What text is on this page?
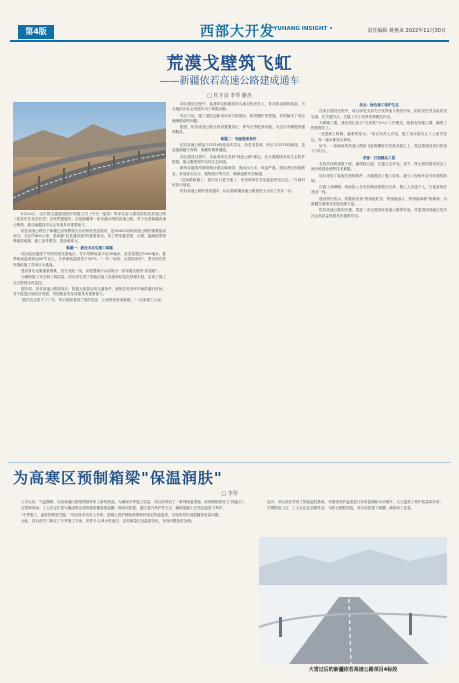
第4版	西部大开发
• YUHANG INSIGHT •	责任编辑 蒋燕来 2022年11月30日
荒漠戈壁筑飞虹
——新疆依若高速公路建成通车
□ 杜才良 李琴 谢杰

8月30日，由中国交通建设股份有限公司（中交一航局）等单位参与建设的依若高速公路（依吞布拉克至若羌）全线贯通通车。这是新疆第一条穿越沙漠的高速公路，对于完善新疆高速公路网、推动南疆经济社会发展具有重要意义。

依若高速公路位于新疆巴音郭楞蒙古自治州若羌县境内，是G0612西和高速公路的重要组成部分，全长约400公里，是新疆"县县通高速"的重要项目。该工程穿越戈壁、沙漠、盐碱地等特殊地质地貌，施工条件艰苦，建设难度大。

难题一：新技术攻克施工难题

项目地处极度干旱的荒漠戈壁地区，年平均降雨量不足30毫米，蒸发量超过3000毫米，夏季地表温度高达60℃以上，冬季最低温度零下30℃。"一年一场风，从春刮到冬"，恶劣的自然环境给施工带来巨大挑战。

建设者们克服重重困难，坚守戈壁一线，用智慧和汗水浇筑出一条穿越戈壁的"致富路"。

为确保施工安全和工程质量，项目部引进了智能化施工设备和信息化管理手段，实现了施工全过程的实时监控。

据介绍，依若高速公路建成后，将极大改善沿线交通条件，缩短若羌至库尔勒的通行时间，对于促进区域经济发展、巩固脱贫攻坚成果具有重要意义。

"我们在这里干了三年，每天都能看到工程的变化，心里特别有成就感。"一位参建工人说。

项目建设过程中，参建单位积极招用当地农牧民务工，带动群众增收致富，为当地经济社会发展作出了积极贡献。

风沙口处，施工团队创新采用草方格固沙、防风栅栏等措施，有效解决了风沙掩埋路基的问题。

据悉，依若高速公路全线设置服务区、停车区等配套设施，为过往车辆提供便利服务。

难题二：突破极寒条件

依若高速公路起于G218线依吞布拉克，经若羌县城，终点与G315线相接，是连接新疆与青海、西藏的重要通道。

项目建设过程中，各参建单位坚持"绿色公路"理念，在沙漠路段采用生态防护措施，最大限度保护沿线生态环境。

路线穿越的库姆塔格沙漠边缘地带，流动沙丘多，风蚀严重。建设者们因地制宜，采用砾石压沙、植物固沙等方法，确保道路安全畅通。

"这条路修通了，我们出行更方便了，家里种的红枣也能更快运出去。"当地村民高兴地说。

依若高速公路的建成通车，标志着新疆高速公路建设又迈出了坚实一步。

亮点：绿色施工保护生态

在项目建设过程中，项目部党支部充分发挥战斗堡垒作用，组织党员突击队攻坚克难，在关键节点、关键工序上发挥先锋模范作用。

为保障工期，建设者们实行"白加黑""5+2"工作模式，抢抓有效施工期，确保工程按期完工。

"戈壁滩上修路，最难的是水。"项目负责人介绍，施工用水需从几十公里外拉运，每一滴水都弥足珍贵。

如今，一条崭新的高速公路如飞虹般横卧在荒漠戈壁之上，见证着建设者们的奋斗与担当。

荣誉：打造精品工程

全线共设桥梁数十座，涵洞数百道，互通立交多处。其中，特大桥的建设攻克了流沙地基处理等技术难题。

项目采用了装配式预制构件，大幅提高了施工效率，减少了现场作业对环境的影响。

在施工高峰期，现场投入各类机械设备数百台套，施工人员逾千人，日夜奋战在建设一线。

建设者们表示，将继续发扬"特别能吃苦、特别能战斗、特别能奉献"的精神，为新疆交通事业发展贡献力量。

依若高速公路的开通，将进一步完善国家高速公路网布局，对促进西部地区经济社会高质量发展具有重要作用。

为高寒区预制箱梁"保温润肤"
□ 李琴

入冬以来，气温骤降，为高寒地区箱梁预制带来了新的挑战。为确保冬季施工质量，项目部采取了一系列保温措施，给预制箱梁穿上"保温衣"。

在预制梁场，工人们正忙着为刚浇筑完成的箱梁覆盖保温棚、铺设电热毯，通过蒸汽养护等方式，确保混凝土在适宜温度下养护。

"冬季施工，温度控制是关键。"项目技术负责人介绍，混凝土养护期间需要保持恒定的温湿度，否则容易出现裂缝等质量问题。

为此，项目部专门制定了冬季施工方案，安排专人24小时值守，定时测量记录温度变化，发现问题及时处理。

此外，项目部还采用了智能温控系统，对箱梁养护温度进行实时监测和自动调节，大大提高了养护质量和效率。

在钢筋加工区，工人们也在加紧作业。为防止钢筋冻裂，项目部搭建了暖棚，确保加工质量。

大雪过后的新疆依若高速公路项目4标段
